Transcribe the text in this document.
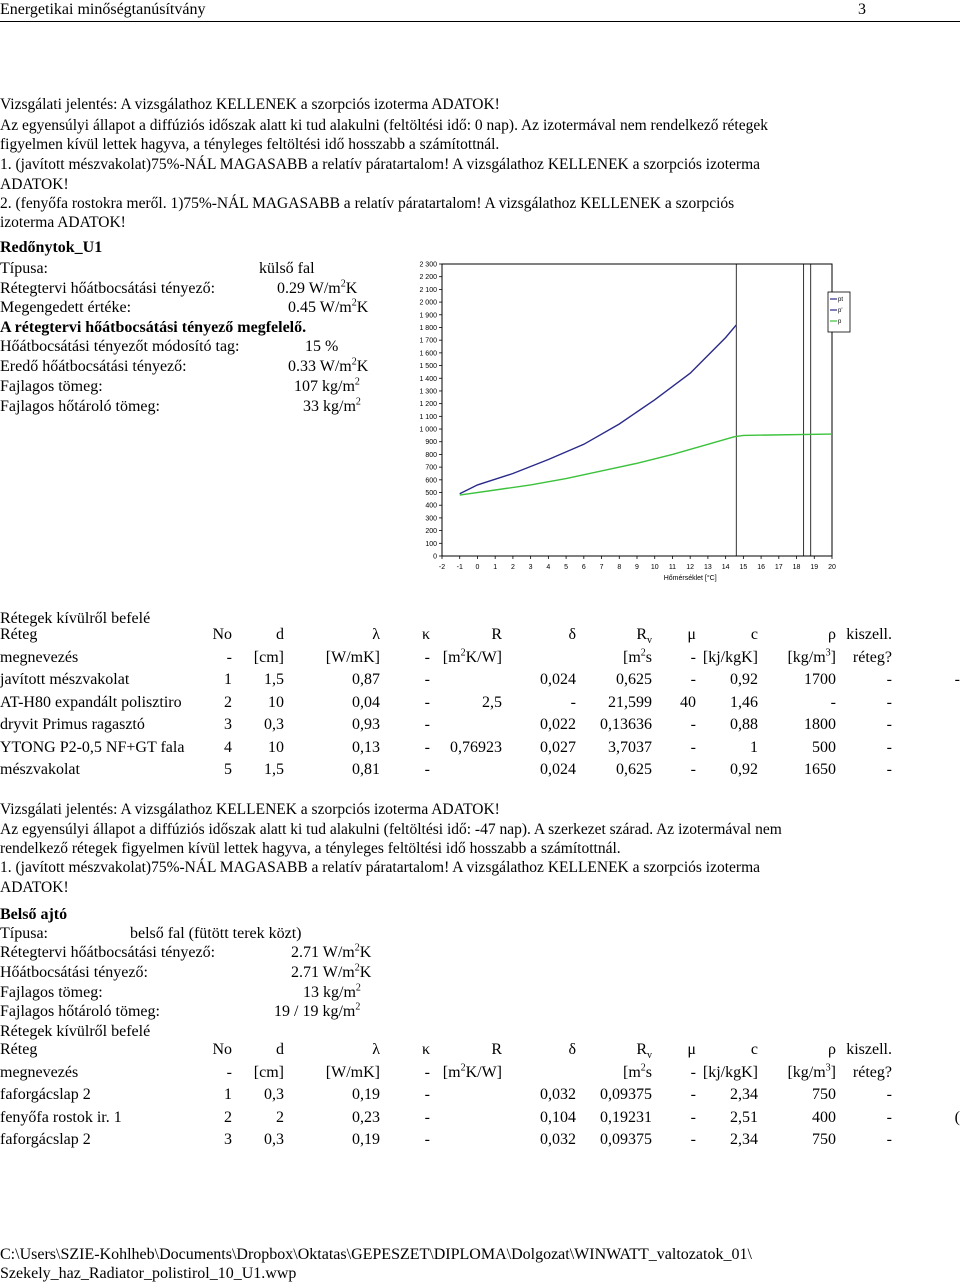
Energetikai minőségtanúsítvány	3
Vizsgálati jelentés: A vizsgálathoz KELLENEK a szorpciós izoterma ADATOK!
Az egyensúlyi állapot a diffúziós időszak alatt ki tud alakulni (feltöltési idő: 0 nap). Az izotermával nem rendelkező rétegek
figyelmen kívül lettek hagyva, a tényleges feltöltési idő hosszabb a számítottnál.
1. (javított mészvakolat)75%-NÁL MAGASABB a relatív páratartalom! A vizsgálathoz KELLENEK a szorpciós izoterma
ADATOK!
2. (fenyőfa rostokra meről. 1)75%-NÁL MAGASABB a relatív páratartalom! A vizsgálathoz KELLENEK a szorpciós
izoterma ADATOK!
Redőnytok_U1
Típusa:	külső fal
Rétegtervi hőátbocsátási tényező:	0.29 $W/m^2K$
Megengedett értéke:	0.45 $W/m^2K$
A rétegtervi hőátbocsátási tényező megfelelő.
Hőátbocsátási tényezőt módosító tag:	15 %
Eredő hőátbocsátási tényező:	0.33 $W/m^2K$
Fajlagos tömeg:	107 $kg/m^2$
Fajlagos hőtároló tömeg:	33 $kg/m^2$
0
100
200
300
400
500
600
700
800
900
1 000
1 100
1 200
1 300
1 400
1 500
1 600
1 700
1 800
1 900
2 000
2 100
2 200
2 300
-2 -1 0 1 2 3 4 5 6 7 8 9 10 11 12 13 14 15 16 17 18 19 20
Hőmérséklet [°C]
pt
p'
p
Rétegek kívülről befelé
Réteg	No	d	λ	κ	R	δ	$R_v$	μ	c	ρ	kiszell.	
megnevezés	-	[cm]	[W/mK]	-	$[m^2K/W]$		[$m^2s$	-	[kj/kgK]	$[kg/m^3]$	réteg?	
javított mészvakolat	1	1,5	0,87	-		0,024	0,625	-	0,92	1700	-	-
AT-H80 expandált polisztiro	2	10	0,04	-	2,5	-	21,599	40	1,46	-	-	
dryvit Primus ragasztó	3	0,3	0,93	-		0,022	0,13636	-	0,88	1800	-	
YTONG P2-0,5 NF+GT fala	4	10	0,13	-	0,76923	0,027	3,7037	-	1	500	-	
mészvakolat	5	1,5	0,81	-		0,024	0,625	-	0,92	1650	-	
Vizsgálati jelentés: A vizsgálathoz KELLENEK a szorpciós izoterma ADATOK!
Az egyensúlyi állapot a diffúziós időszak alatt ki tud alakulni (feltöltési idő: -47 nap). A szerkezet szárad. Az izotermával nem
rendelkező rétegek figyelmen kívül lettek hagyva, a tényleges feltöltési idő hosszabb a számítottnál.
1. (javított mészvakolat)75%-NÁL MAGASABB a relatív páratartalom! A vizsgálathoz KELLENEK a szorpciós izoterma
ADATOK!
Belső ajtó
Típusa:	belső fal (fütött terek közt)
Rétegtervi hőátbocsátási tényező:	2.71 $W/m^2K$
Hőátbocsátási tényező:	2.71 $W/m^2K$
Fajlagos tömeg:	13 $kg/m^2$
Fajlagos hőtároló tömeg:	19 / 19 $kg/m^2$
Rétegek kívülről befelé
Réteg	No	d	λ	κ	R	δ	$R_v$	μ	c	ρ	kiszell.	
megnevezés	-	[cm]	[W/mK]	-	$[m^2K/W]$		[$m^2s$	-	[kj/kgK]	$[kg/m^3]$	réteg?	
faforgácslap 2	1	0,3	0,19	-		0,032	0,09375	-	2,34	750	-	
fenyőfa rostok ir. 1	2	2	0,23	-		0,104	0,19231	-	2,51	400	-	(
faforgácslap 2	3	0,3	0,19	-		0,032	0,09375	-	2,34	750	-	
C:\Users\SZIE-Kohlheb\Documents\Dropbox\Oktatas\GEPESZET\DIPLOMA\Dolgozat\WINWATT_valtozatok_01\
Szekely_haz_Radiator_polistirol_10_U1.wwp
